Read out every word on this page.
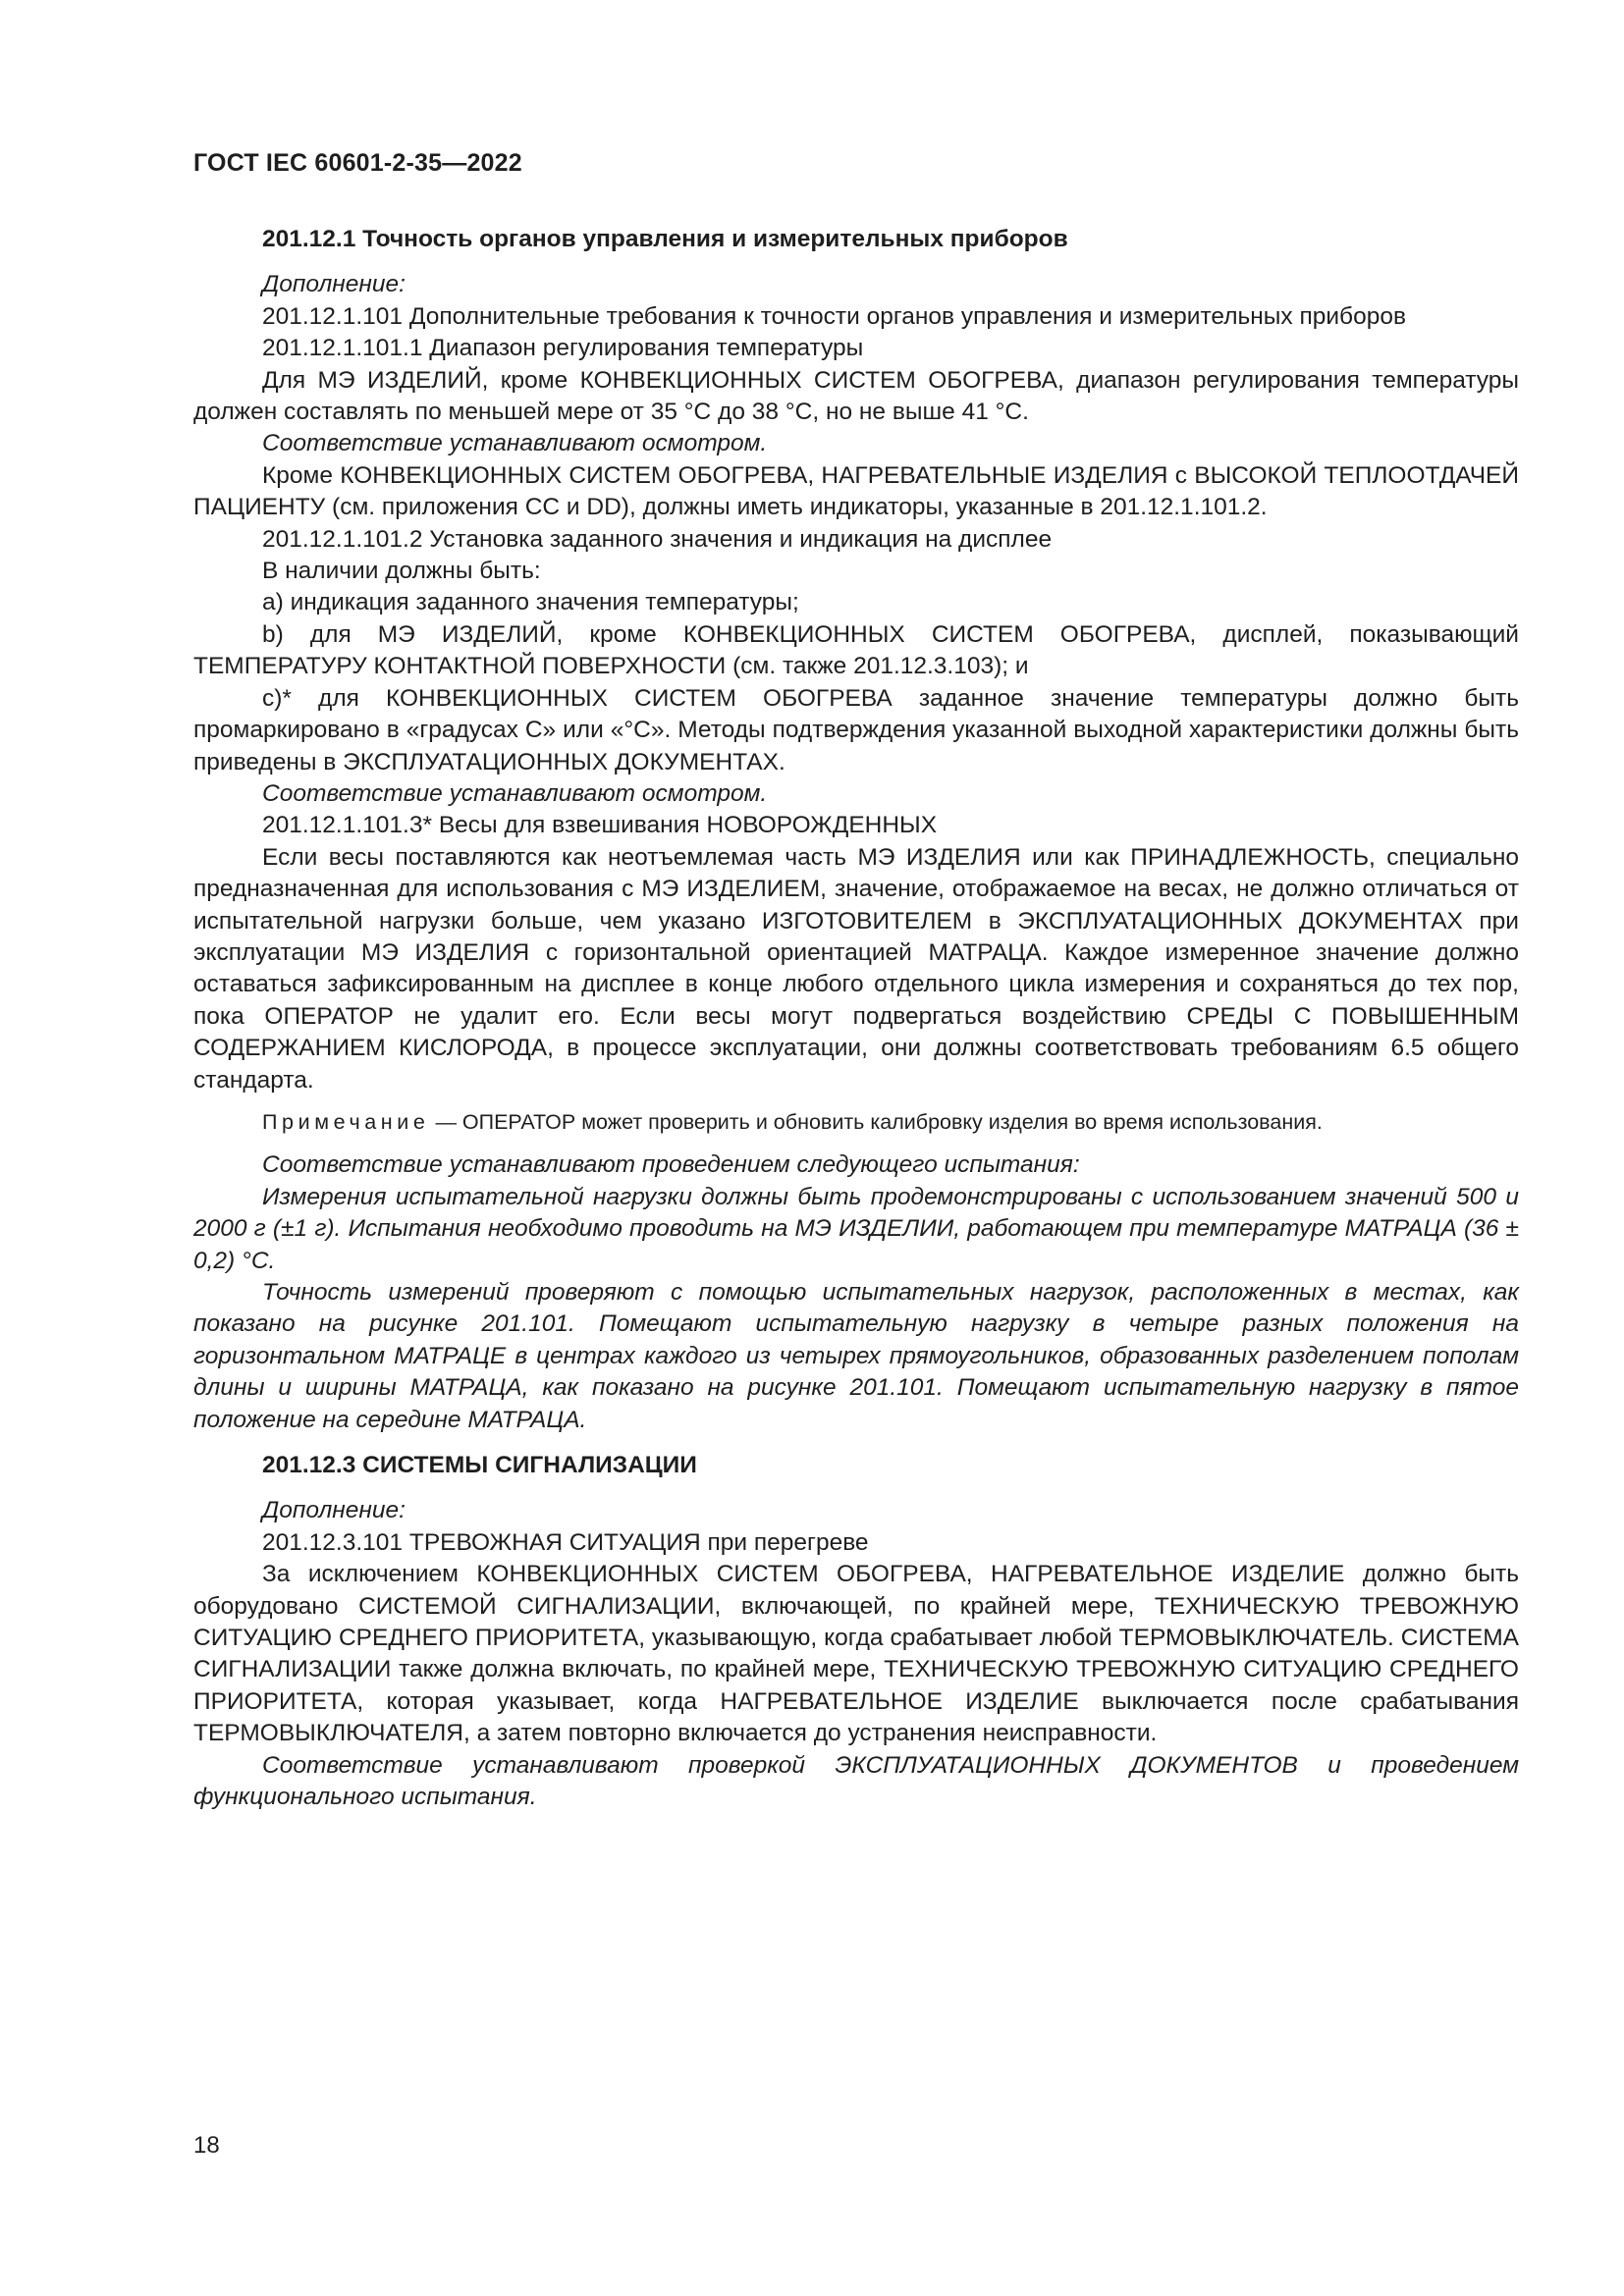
ГОСТ IEC 60601-2-35—2022

201.12.1 Точность органов управления и измерительных приборов

Дополнение:

201.12.1.101 Дополнительные требования к точности органов управления и измерительных приборов

201.12.1.101.1 Диапазон регулирования температуры

Для МЭ ИЗДЕЛИЙ, кроме КОНВЕКЦИОННЫХ СИСТЕМ ОБОГРЕВА, диапазон регулирования температуры должен составлять по меньшей мере от 35 °С до 38 °С, но не выше 41 °С.

Соответствие устанавливают осмотром.

Кроме КОНВЕКЦИОННЫХ СИСТЕМ ОБОГРЕВА, НАГРЕВАТЕЛЬНЫЕ ИЗДЕЛИЯ с ВЫСОКОЙ ТЕПЛООТДАЧЕЙ ПАЦИЕНТУ (см. приложения СС и DD), должны иметь индикаторы, указанные в 201.12.1.101.2.

201.12.1.101.2 Установка заданного значения и индикация на дисплее

В наличии должны быть:

a) индикация заданного значения температуры;

b) для МЭ ИЗДЕЛИЙ, кроме КОНВЕКЦИОННЫХ СИСТЕМ ОБОГРЕВА, дисплей, показывающий ТЕМПЕРАТУРУ КОНТАКТНОЙ ПОВЕРХНОСТИ (см. также 201.12.3.103); и

c)* для КОНВЕКЦИОННЫХ СИСТЕМ ОБОГРЕВА заданное значение температуры должно быть промаркировано в «градусах С» или «°С». Методы подтверждения указанной выходной характеристики должны быть приведены в ЭКСПЛУАТАЦИОННЫХ ДОКУМЕНТАХ.

Соответствие устанавливают осмотром.

201.12.1.101.3* Весы для взвешивания НОВОРОЖДЕННЫХ

Если весы поставляются как неотъемлемая часть МЭ ИЗДЕЛИЯ или как ПРИНАДЛЕЖНОСТЬ, специально предназначенная для использования с МЭ ИЗДЕЛИЕМ, значение, отображаемое на весах, не должно отличаться от испытательной нагрузки больше, чем указано ИЗГОТОВИТЕЛЕМ в ЭКСПЛУАТАЦИОННЫХ ДОКУМЕНТАХ при эксплуатации МЭ ИЗДЕЛИЯ с горизонтальной ориентацией МАТРАЦА. Каждое измеренное значение должно оставаться зафиксированным на дисплее в конце любого отдельного цикла измерения и сохраняться до тех пор, пока ОПЕРАТОР не удалит его. Если весы могут подвергаться воздействию СРЕДЫ С ПОВЫШЕННЫМ СОДЕРЖАНИЕМ КИСЛОРОДА, в процессе эксплуатации, они должны соответствовать требованиям 6.5 общего стандарта.

Примечание — ОПЕРАТОР может проверить и обновить калибровку изделия во время использования.

Соответствие устанавливают проведением следующего испытания:

Измерения испытательной нагрузки должны быть продемонстрированы с использованием значений 500 и 2000 г (±1 г). Испытания необходимо проводить на МЭ ИЗДЕЛИИ, работающем при температуре МАТРАЦА (36 ± 0,2) °С.

Точность измерений проверяют с помощью испытательных нагрузок, расположенных в местах, как показано на рисунке 201.101. Помещают испытательную нагрузку в четыре разных положения на горизонтальном МАТРАЦЕ в центрах каждого из четырех прямоугольников, образованных разделением пополам длины и ширины МАТРАЦА, как показано на рисунке 201.101. Помещают испытательную нагрузку в пятое положение на середине МАТРАЦА.

201.12.3 СИСТЕМЫ СИГНАЛИЗАЦИИ

Дополнение:

201.12.3.101 ТРЕВОЖНАЯ СИТУАЦИЯ при перегреве

За исключением КОНВЕКЦИОННЫХ СИСТЕМ ОБОГРЕВА, НАГРЕВАТЕЛЬНОЕ ИЗДЕЛИЕ должно быть оборудовано СИСТЕМОЙ СИГНАЛИЗАЦИИ, включающей, по крайней мере, ТЕХНИЧЕСКУЮ ТРЕВОЖНУЮ СИТУАЦИЮ СРЕДНЕГО ПРИОРИТЕТА, указывающую, когда срабатывает любой ТЕРМОВЫКЛЮЧАТЕЛЬ. СИСТЕМА СИГНАЛИЗАЦИИ также должна включать, по крайней мере, ТЕХНИЧЕСКУЮ ТРЕВОЖНУЮ СИТУАЦИЮ СРЕДНЕГО ПРИОРИТЕТА, которая указывает, когда НАГРЕВАТЕЛЬНОЕ ИЗДЕЛИЕ выключается после срабатывания ТЕРМОВЫКЛЮЧАТЕЛЯ, а затем повторно включается до устранения неисправности.

Соответствие устанавливают проверкой ЭКСПЛУАТАЦИОННЫХ ДОКУМЕНТОВ и проведением функционального испытания.

18
